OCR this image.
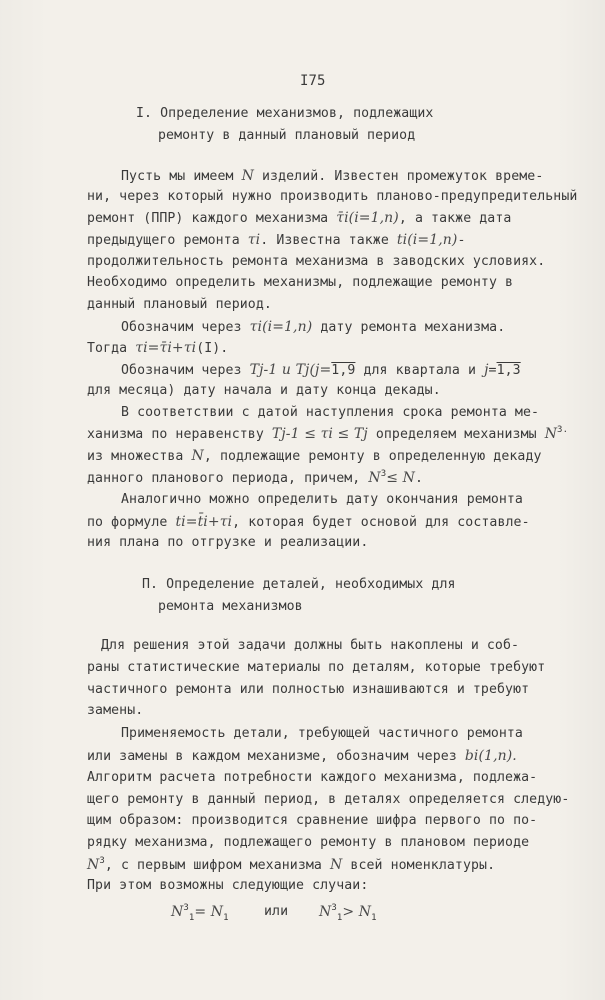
I75
I. Определение механизмов, подлежащих
ремонту в данный плановый период
Пусть мы имеем N изделий. Известен промежуток време-
ни, через который нужно производить планово-предупредительный
ремонт (ППР) каждого механизма τ̄i(i=1,n), а также дата
предыдущего ремонта τi. Известна также ti(i=1,n)-
продолжительность ремонта механизма в заводских условиях.
Необходимо определить механизмы, подлежащие ремонту в
данный плановый период.
Обозначим через τi(i=1,n) дату ремонта механизма.
Тогда τi=τ̄i+τi(I).
Обозначим через Tj-1 и Tj(j=1,9 для квартала и j=1,3
для месяца) дату начала и дату конца декады.
В соответствии с датой наступления срока ремонта ме-
ханизма по неравенству Tj-1 ≤ τi ≤ Tj определяем механизмы $N^{3.}$
из множества N, подлежащие ремонту в определенную декаду
данного планового периода, причем, $N^3\le N$.
Аналогично можно определить дату окончания ремонта
по формуле ti=t̄i+τi, которая будет основой для составле-
ния плана по отгрузке и реализации.
П. Определение деталей, необходимых для
ремонта механизмов
Для решения этой задачи должны быть накоплены и соб-
раны статистические материалы по деталям, которые требуют
частичного ремонта или полностью изнашиваются и требуют
замены.
Применяемость детали, требующей частичного ремонта
или замены в каждом механизме, обозначим через bi(1,n).
Алгоритм расчета потребности каждого механизма, подлежа-
щего ремонту в данный период, в деталях определяется следую-
щим образом: производится сравнение шифра первого по по-
рядку механизма, подлежащего ремонту в плановом периоде
$N^3$, с первым шифром механизма N всей номенклатуры.
При этом возможны следующие случаи:
$N^3_1= N_1$	или $N^3_1> N_1$
